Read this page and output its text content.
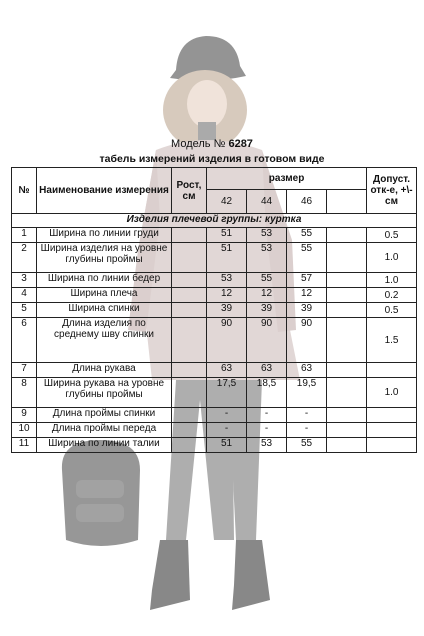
Модель № 6287
табель измерений изделия в готовом виде
№	Наименование измерения	Рост, см	размер				Допуст. отк-е, +\-см
			42	44	46		
Изделия плечевой группы: куртка							
1	Ширина по линии груди		51	53	55		0.5
2	Ширина изделия на уровне глубины проймы		51	53	55		1.0
3	Ширина по линии бедер		53	55	57		1.0
4	Ширина плеча		12	12	12		0.2
5	Ширина спинки		39	39	39		0.5
6	Длина изделия по среднему шву спинки		90	90	90		1.5
7	Длина рукава		63	63	63		
8	Ширина рукава на уровне глубины проймы		17,5	18,5	19,5		1.0
9	Длина проймы спинки		-	-	-		
10	Длина проймы переда		-	-	-		
11	Ширина по линии талии		51	53	55		
